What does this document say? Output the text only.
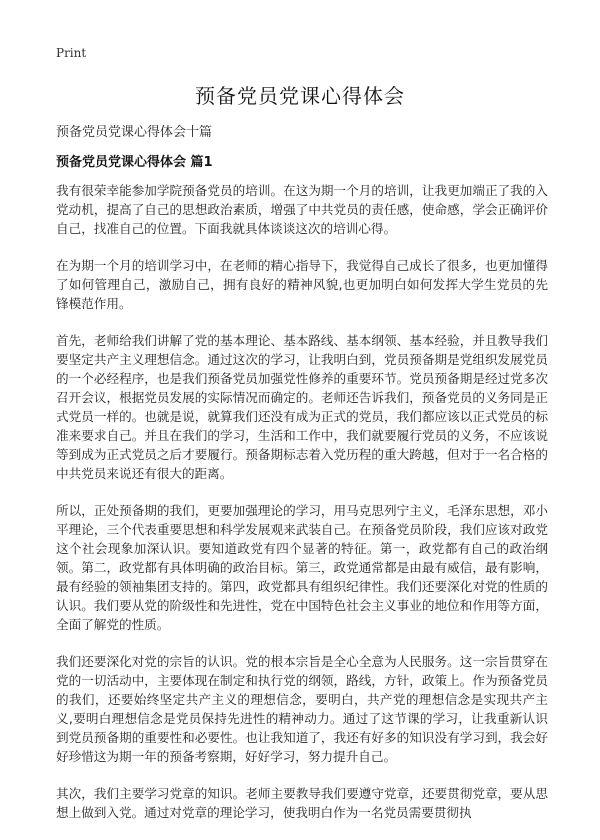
Print
预备党员党课心得体会

预备党员党课心得体会十篇

预备党员党课心得体会 篇1

我有很荣幸能参加学院预备党员的培训。在这为期一个月的培训，让我更加端正了我的入党动机，提高了自己的思想政治素质，增强了中共党员的责任感，使命感，学会正确评价自己，找准自己的位置。下面我就具体谈谈这次的培训心得。

在为期一个月的培训学习中，在老师的精心指导下，我觉得自己成长了很多，也更加懂得了如何管理自己，激励自己，拥有良好的精神风貌,也更加明白如何发挥大学生党员的先锋模范作用。

首先，老师给我们讲解了党的基本理论、基本路线、基本纲领、基本经验，并且教导我们要坚定共产主义理想信念。通过这次的学习，让我明白到，党员预备期是党组织发展党员的一个必经程序，也是我们预备党员加强党性修养的重要环节。党员预备期是经过党多次召开会议，根据党员发展的实际情况而确定的。老师还告诉我们，预备党员的义务同是正式党员一样的。也就是说，就算我们还没有成为正式的党员，我们都应该以正式党员的标准来要求自己。并且在我们的学习，生活和工作中，我们就要履行党员的义务，不应该说等到成为正式党员之后才要履行。预备期标志着入党历程的重大跨越，但对于一名合格的中共党员来说还有很大的距离。

所以，正处预备期的我们，更要加强理论的学习，用马克思列宁主义，毛泽东思想，邓小平理论，三个代表重要思想和科学发展观来武装自己。在预备党员阶段，我们应该对政党这个社会现象加深认识。要知道政党有四个显著的特征。第一，政党都有自己的政治纲领。第二，政党都有具体明确的政治目标。第三，政党通常都是由最有威信，最有影响，最有经验的领袖集团支持的。第四，政党都具有组织纪律性。我们还要深化对党的性质的认识。我们要从党的阶级性和先进性，党在中国特色社会主义事业的地位和作用等方面，全面了解党的性质。

我们还要深化对党的宗旨的认识。党的根本宗旨是全心全意为人民服务。这一宗旨贯穿在党的一切活动中，主要体现在制定和执行党的纲领，路线，方针，政策上。作为预备党员的我们，还要始终坚定共产主义的理想信念，要明白，共产党的理想信念是实现共产主义,要明白理想信念是党员保持先进性的精神动力。通过了这节课的学习，让我重新认识到党员预备期的重要性和必要性。也让我知道了，我还有好多的知识没有学习到，我会好好珍惜这为期一年的预备考察期，好好学习，努力提升自己。

其次，我们主要学习党章的知识。老师主要教导我们要遵守党章，还要贯彻党章，要从思想上做到入党。通过对党章的理论学习，使我明白作为一名党员需要贯彻执
